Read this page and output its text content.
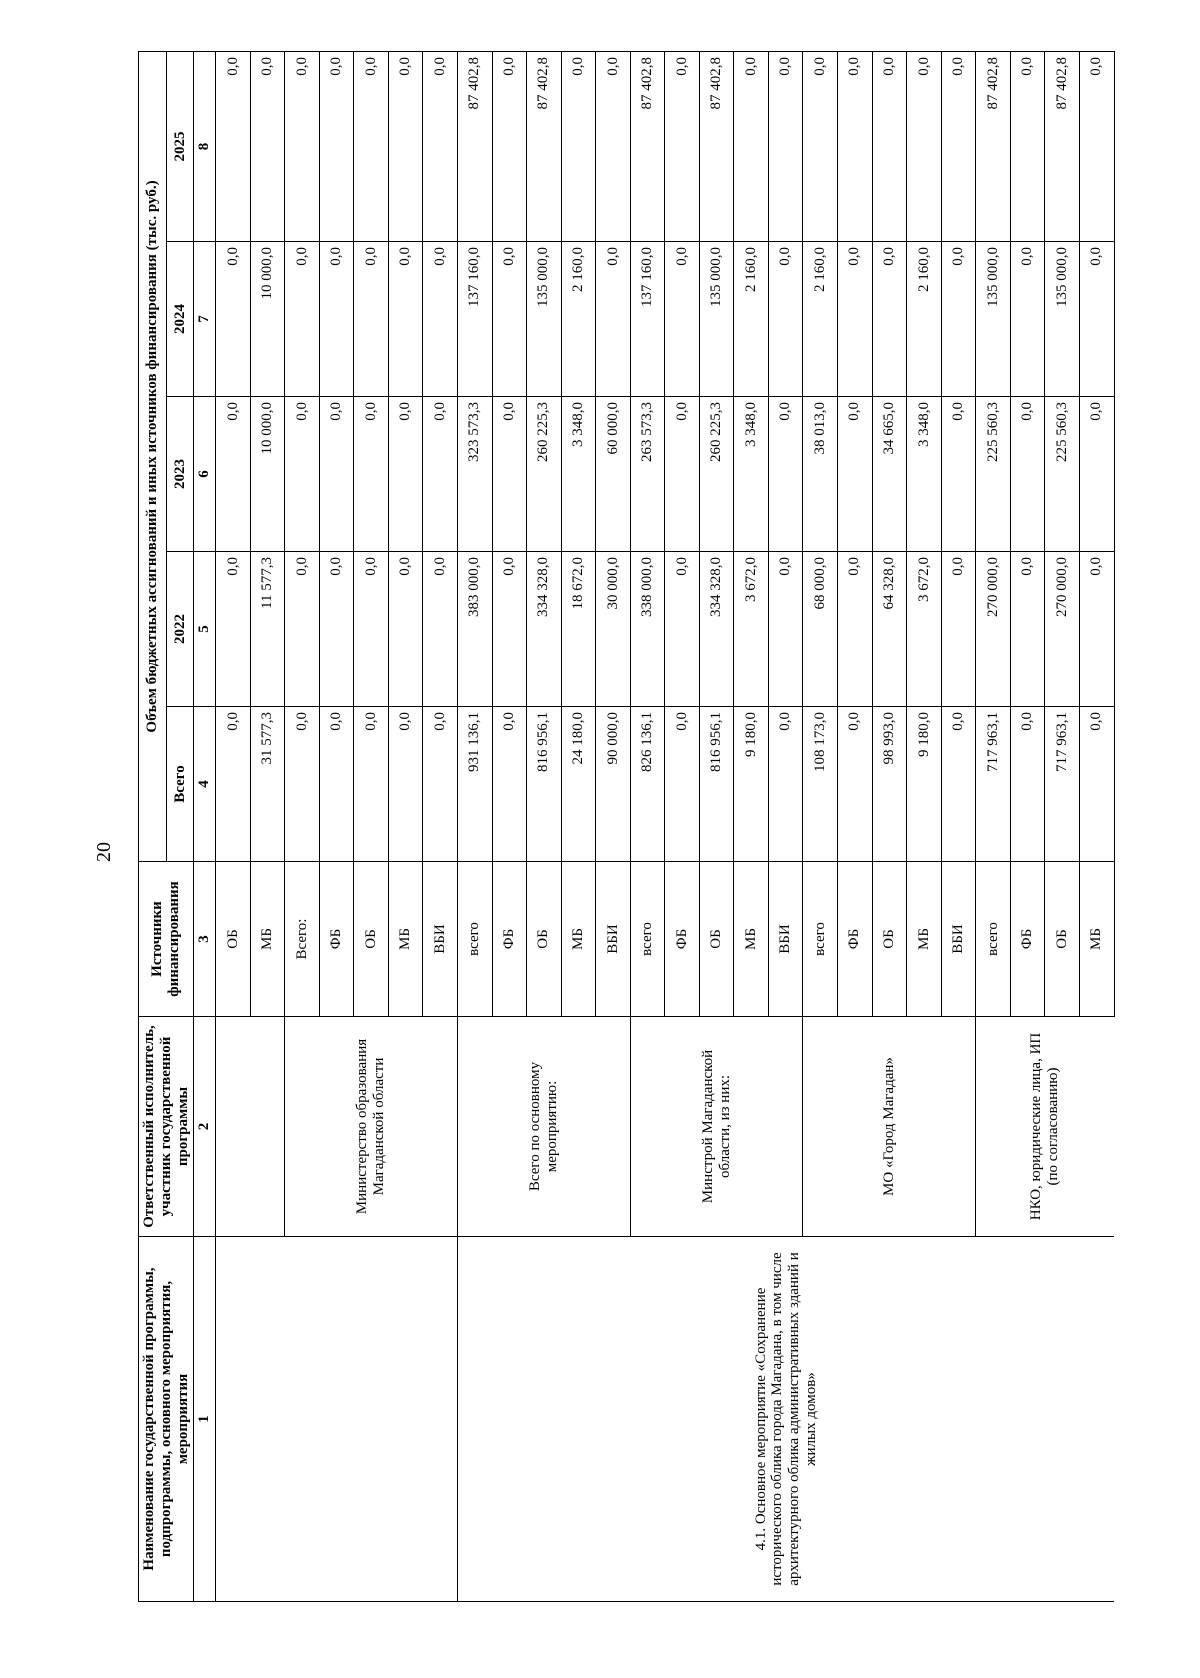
20
Наименование государственной программы, подпрограммы, основного мероприятия, мероприятия	Ответственный исполнитель, участник государственной программы	Источники финансирования	Объем бюджетных ассигнований и иных источников финансирования (тыс. руб.)				
			Всего	2022	2023	2024	2025
1	2	3	4	5	6	7	8
		ОБ	0,0	0,0	0,0	0,0	0,0
		МБ	31 577,3	11 577,3	10 000,0	10 000,0	0,0
	Министерство образования Магаданской области	Всего:	0,0	0,0	0,0	0,0	0,0
		ФБ	0,0	0,0	0,0	0,0	0,0
		ОБ	0,0	0,0	0,0	0,0	0,0
		МБ	0,0	0,0	0,0	0,0	0,0
		ВБИ	0,0	0,0	0,0	0,0	0,0
4.1. Основное мероприятие «Сохранение исторического облика города Магадана, в том числе архитектурного облика административных зданий и жилых домов»	Всего по основному мероприятию:	всего	931 136,1	383 000,0	323 573,3	137 160,0	87 402,8
		ФБ	0,0	0,0	0,0	0,0	0,0
		ОБ	816 956,1	334 328,0	260 225,3	135 000,0	87 402,8
		МБ	24 180,0	18 672,0	3 348,0	2 160,0	0,0
		ВБИ	90 000,0	30 000,0	60 000,0	0,0	0,0
	Минстрой Магаданской области, из них:	всего	826 136,1	338 000,0	263 573,3	137 160,0	87 402,8
		ФБ	0,0	0,0	0,0	0,0	0,0
		ОБ	816 956,1	334 328,0	260 225,3	135 000,0	87 402,8
		МБ	9 180,0	3 672,0	3 348,0	2 160,0	0,0
		ВБИ	0,0	0,0	0,0	0,0	0,0
	МО «Город Магадан»	всего	108 173,0	68 000,0	38 013,0	2 160,0	0,0
		ФБ	0,0	0,0	0,0	0,0	0,0
		ОБ	98 993,0	64 328,0	34 665,0	0,0	0,0
		МБ	9 180,0	3 672,0	3 348,0	2 160,0	0,0
		ВБИ	0,0	0,0	0,0	0,0	0,0
	НКО, юридические лица, ИП (по согласованию)	всего	717 963,1	270 000,0	225 560,3	135 000,0	87 402,8
		ФБ	0,0	0,0	0,0	0,0	0,0
		ОБ	717 963,1	270 000,0	225 560,3	135 000,0	87 402,8
		МБ	0,0	0,0	0,0	0,0	0,0
